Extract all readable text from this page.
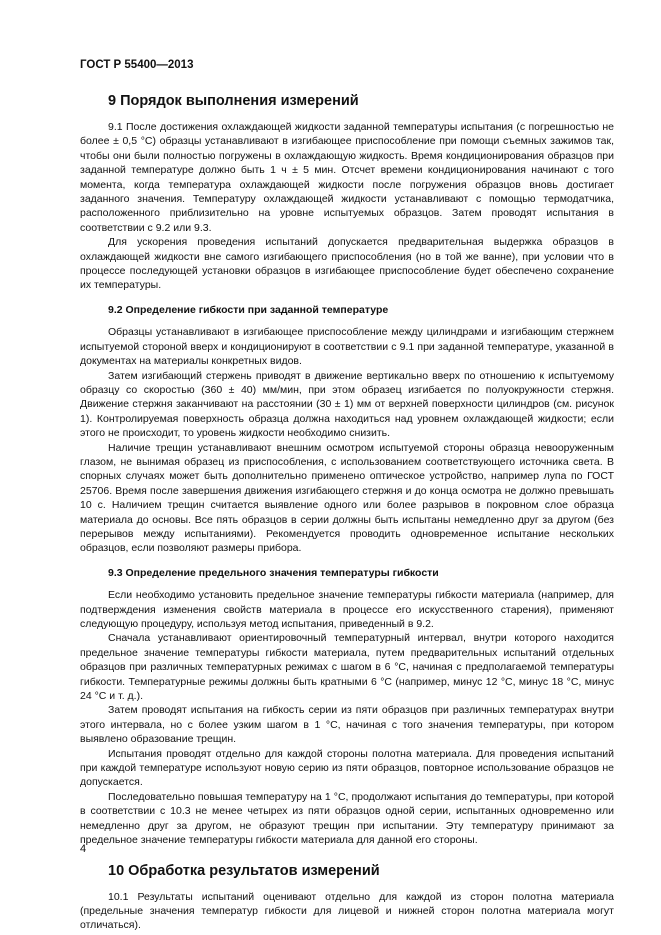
ГОСТ Р 55400—2013
9 Порядок выполнения измерений

9.1 После достижения охлаждающей жидкости заданной температуры испытания (с погрешностью не более ± 0,5 °С) образцы устанавливают в изгибающее приспособление при помощи съемных зажимов так, чтобы они были полностью погружены в охлаждающую жидкость. Время кондиционирования образцов при заданной температуре должно быть 1 ч ± 5 мин. Отсчет времени кондиционирования начинают с того момента, когда температура охлаждающей жидкости после погружения образцов вновь достигает заданного значения. Температуру охлаждающей жидкости устанавливают с помощью термодатчика, расположенного приблизительно на уровне испытуемых образцов. Затем проводят испытания в соответствии с 9.2 или 9.3.

Для ускорения проведения испытаний допускается предварительная выдержка образцов в охлаждающей жидкости вне самого изгибающего приспособления (но в той же ванне), при условии что в процессе последующей установки образцов в изгибающее приспособление будет обеспечено сохранение их температуры.

9.2 Определение гибкости при заданной температуре

Образцы устанавливают в изгибающее приспособление между цилиндрами и изгибающим стержнем испытуемой стороной вверх и кондиционируют в соответствии с 9.1 при заданной температуре, указанной в документах на материалы конкретных видов.

Затем изгибающий стержень приводят в движение вертикально вверх по отношению к испытуемому образцу со скоростью (360 ± 40) мм/мин, при этом образец изгибается по полуокружности стержня. Движение стержня заканчивают на расстоянии (30 ± 1) мм от верхней поверхности цилиндров (см. рисунок 1). Контролируемая поверхность образца должна находиться над уровнем охлаждающей жидкости; если этого не происходит, то уровень жидкости необходимо снизить.

Наличие трещин устанавливают внешним осмотром испытуемой стороны образца невооруженным глазом, не вынимая образец из приспособления, с использованием соответствующего источника света. В спорных случаях может быть дополнительно применено оптическое устройство, например лупа по ГОСТ 25706. Время после завершения движения изгибающего стержня и до конца осмотра не должно превышать 10 с. Наличием трещин считается выявление одного или более разрывов в покровном слое образца материала до основы. Все пять образцов в серии должны быть испытаны немедленно друг за другом (без перерывов между испытаниями). Рекомендуется проводить одновременное испытание нескольких образцов, если позволяют размеры прибора.

9.3 Определение предельного значения температуры гибкости

Если необходимо установить предельное значение температуры гибкости материала (например, для подтверждения изменения свойств материала в процессе его искусственного старения), применяют следующую процедуру, используя метод испытания, приведенный в 9.2.

Сначала устанавливают ориентировочный температурный интервал, внутри которого находится предельное значение температуры гибкости материала, путем предварительных испытаний отдельных образцов при различных температурных режимах с шагом в 6 °С, начиная с предполагаемой температуры гибкости. Температурные режимы должны быть кратными 6 °С (например, минус 12 °С, минус 18 °С, минус 24 °С и т. д.).

Затем проводят испытания на гибкость серии из пяти образцов при различных температурах внутри этого интервала, но с более узким шагом в 1 °С, начиная с того значения температуры, при котором выявлено образование трещин.

Испытания проводят отдельно для каждой стороны полотна материала. Для проведения испытаний при каждой температуре используют новую серию из пяти образцов, повторное использование образцов не допускается.

Последовательно повышая температуру на 1 °С, продолжают испытания до температуры, при которой в соответствии с 10.3 не менее четырех из пяти образцов одной серии, испытанных одновременно или немедленно друг за другом, не образуют трещин при испытании. Эту температуру принимают за предельное значение температуры гибкости материала для данной его стороны.

10 Обработка результатов измерений

10.1 Результаты испытаний оценивают отдельно для каждой из сторон полотна материала (предельные значения температур гибкости для лицевой и нижней сторон полотна материала могут отличаться).

4
